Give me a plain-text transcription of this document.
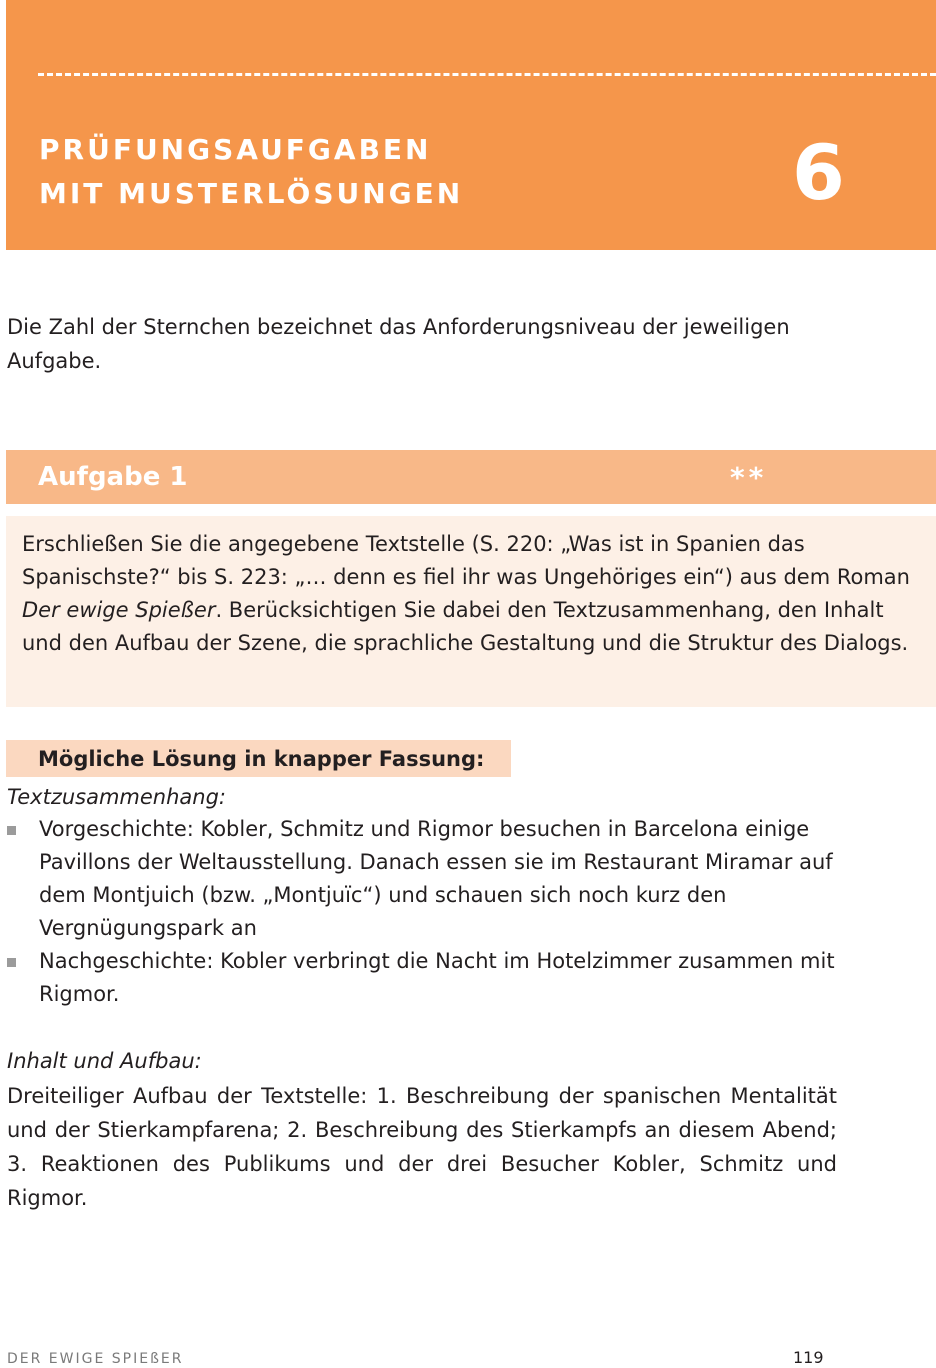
PRÜFUNGSAUFGABEN
MIT MUSTERLÖSUNGEN	6

Die Zahl der Sternchen bezeichnet das Anforderungsniveau der jeweiligen Aufgabe.

Aufgabe 1	**

Erschließen Sie die angegebene Textstelle (S. 220: „Was ist in Spanien das Spanischste?“ bis S. 223: „… denn es fiel ihr was Ungehöriges ein“) aus dem Roman Der ewige Spießer. Berücksichtigen Sie dabei den Textzusammenhang, den Inhalt und den Aufbau der Szene, die sprachliche Gestaltung und die Struktur des Dialogs.

Mögliche Lösung in knapper Fassung:
Textzusammenhang:
Vorgeschichte: Kobler, Schmitz und Rigmor besuchen in Barcelona einige Pavillons der Weltausstellung. Danach essen sie im Restaurant Miramar auf dem Montjuich (bzw. „Montjuïc“) und schauen sich noch kurz den Vergnügungspark an
Nachgeschichte: Kobler verbringt die Nacht im Hotelzimmer zusammen mit Rigmor.
Inhalt und Aufbau:

Dreiteiliger Aufbau der Textstelle: 1. Beschreibung der spanischen Mentalität und der Stierkampfarena; 2. Beschreibung des Stierkampfs an diesem Abend; 3. Reaktionen des Publikums und der drei Besucher Kobler, Schmitz und Rigmor.

DER EWIGE SPIEßER	119
